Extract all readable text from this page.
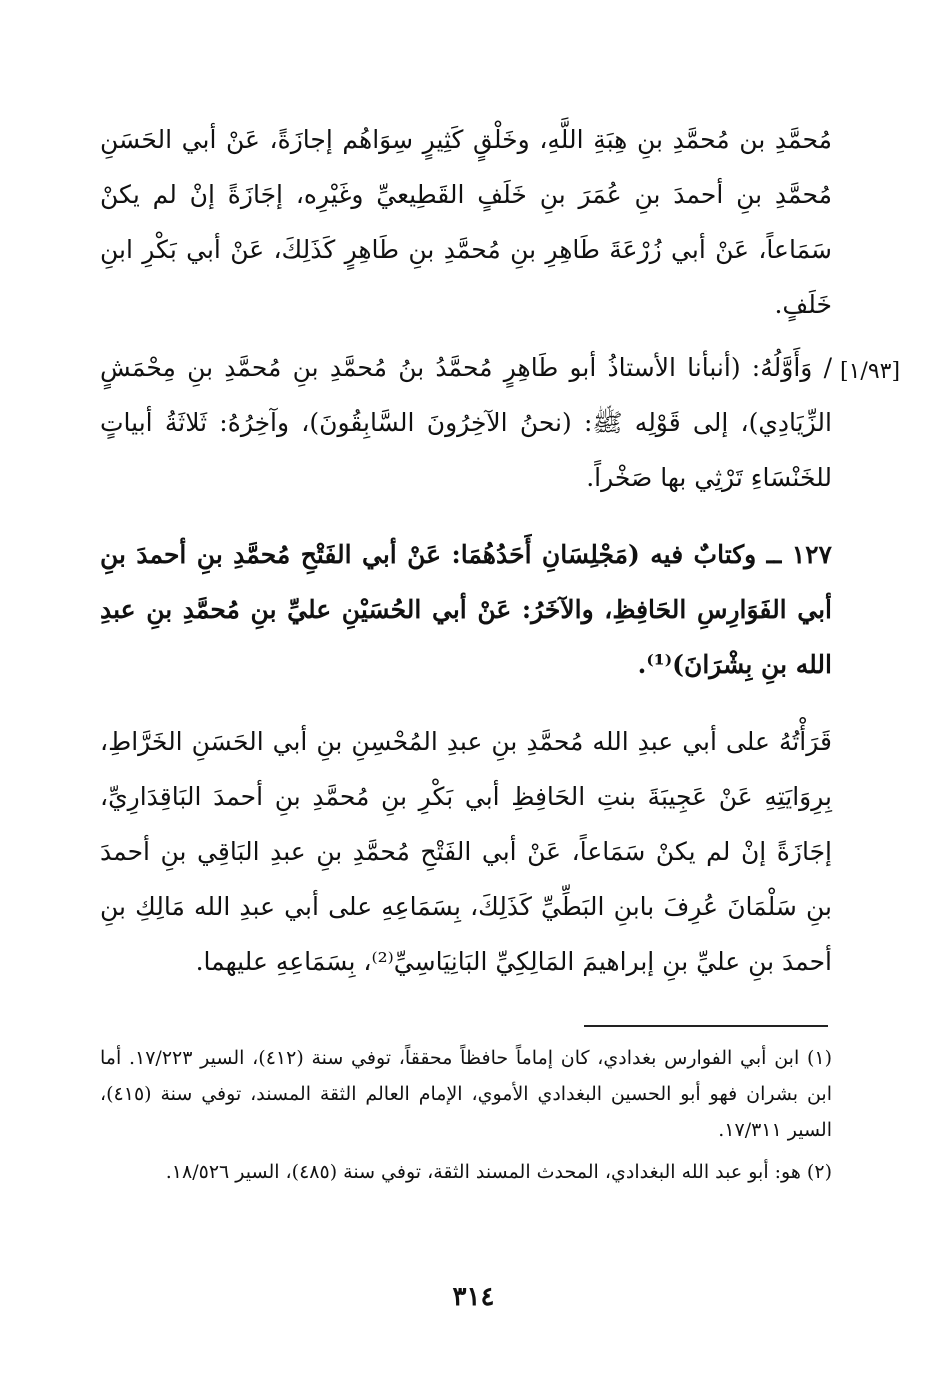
[١/٩٣]

مُحمَّدِ بن مُحمَّدِ بنِ هِبَةِ اللَّهِ، وخَلْقٍ كَثِيرٍ سِوَاهُم إجازَةً، عَنْ أبي الحَسَنِ مُحمَّدِ بنِ أحمدَ بنِ عُمَرَ بنِ خَلَفٍ القَطِيعيِّ وغَيْرِه، إجَازَةً إنْ لم يكنْ سَمَاعاً، عَنْ أبي زُرْعَةَ طَاهِرِ بنِ مُحمَّدِ بنِ طَاهِرٍ كَذَلِكَ، عَنْ أبي بَكْرِ ابنِ خَلَفٍ.

/ وَأَوَّلُهُ: (أنبأنا الأستاذُ أبو طَاهِرٍ مُحمَّدُ بنُ مُحمَّدِ بنِ مُحمَّدِ بنِ مِحْمَشٍ الزِّيَادِي)، إلى قَوْلِه ﷺ: (نحنُ الآخِرُونَ السَّابِقُونَ)، وآخِرُهُ: ثَلاثَةُ أبياتٍ للخَنْسَاءِ تَرْثِي بها صَخْراً.

١٢٧ ــ وكتابٌ فيه (مَجْلِسَانِ أَحَدُهُمَا: عَنْ أبي الفَتْحِ مُحمَّدِ بنِ أحمدَ بنِ أبي الفَوَارِسِ الحَافِظِ، والآخَرُ: عَنْ أبي الحُسَيْنِ عليِّ بنِ مُحمَّدِ بنِ عبدِ الله بنِ بِشْرَانَ)⁽¹⁾.

قَرَأْتُهُ على أبي عبدِ الله مُحمَّدِ بنِ عبدِ المُحْسِنِ بنِ أبي الحَسَنِ الخَرَّاطِ، بِرِوَايَتِهِ عَنْ عَجِيبَةَ بنتِ الحَافِظِ أبي بَكْرِ بنِ مُحمَّدِ بنِ أحمدَ البَاقِدَارِيِّ، إجَازَةً إنْ لم يكنْ سَمَاعاً، عَنْ أبي الفَتْحِ مُحمَّدِ بنِ عبدِ البَاقِي بنِ أحمدَ بنِ سَلْمَانَ عُرِفَ بابنِ البَطِّيِّ كَذَلِكَ، بِسَمَاعِهِ على أبي عبدِ الله مَالِكِ بنِ أحمدَ بنِ عليِّ بنِ إبراهيمَ المَالِكِيِّ البَانِيَاسِيِّ⁽²⁾، بِسَمَاعِهِ عليهما.

(١) ابن أبي الفوارس بغدادي، كان إماماً حافظاً محققاً، توفي سنة (٤١٢)، السير ١٧/٢٢٣. أما ابن بشران فهو أبو الحسين البغدادي الأموي، الإمام العالم الثقة المسند، توفي سنة (٤١٥)، السير ١٧/٣١١.

(٢) هو: أبو عبد الله البغدادي، المحدث المسند الثقة، توفي سنة (٤٨٥)، السير ١٨/٥٢٦.

٣١٤
